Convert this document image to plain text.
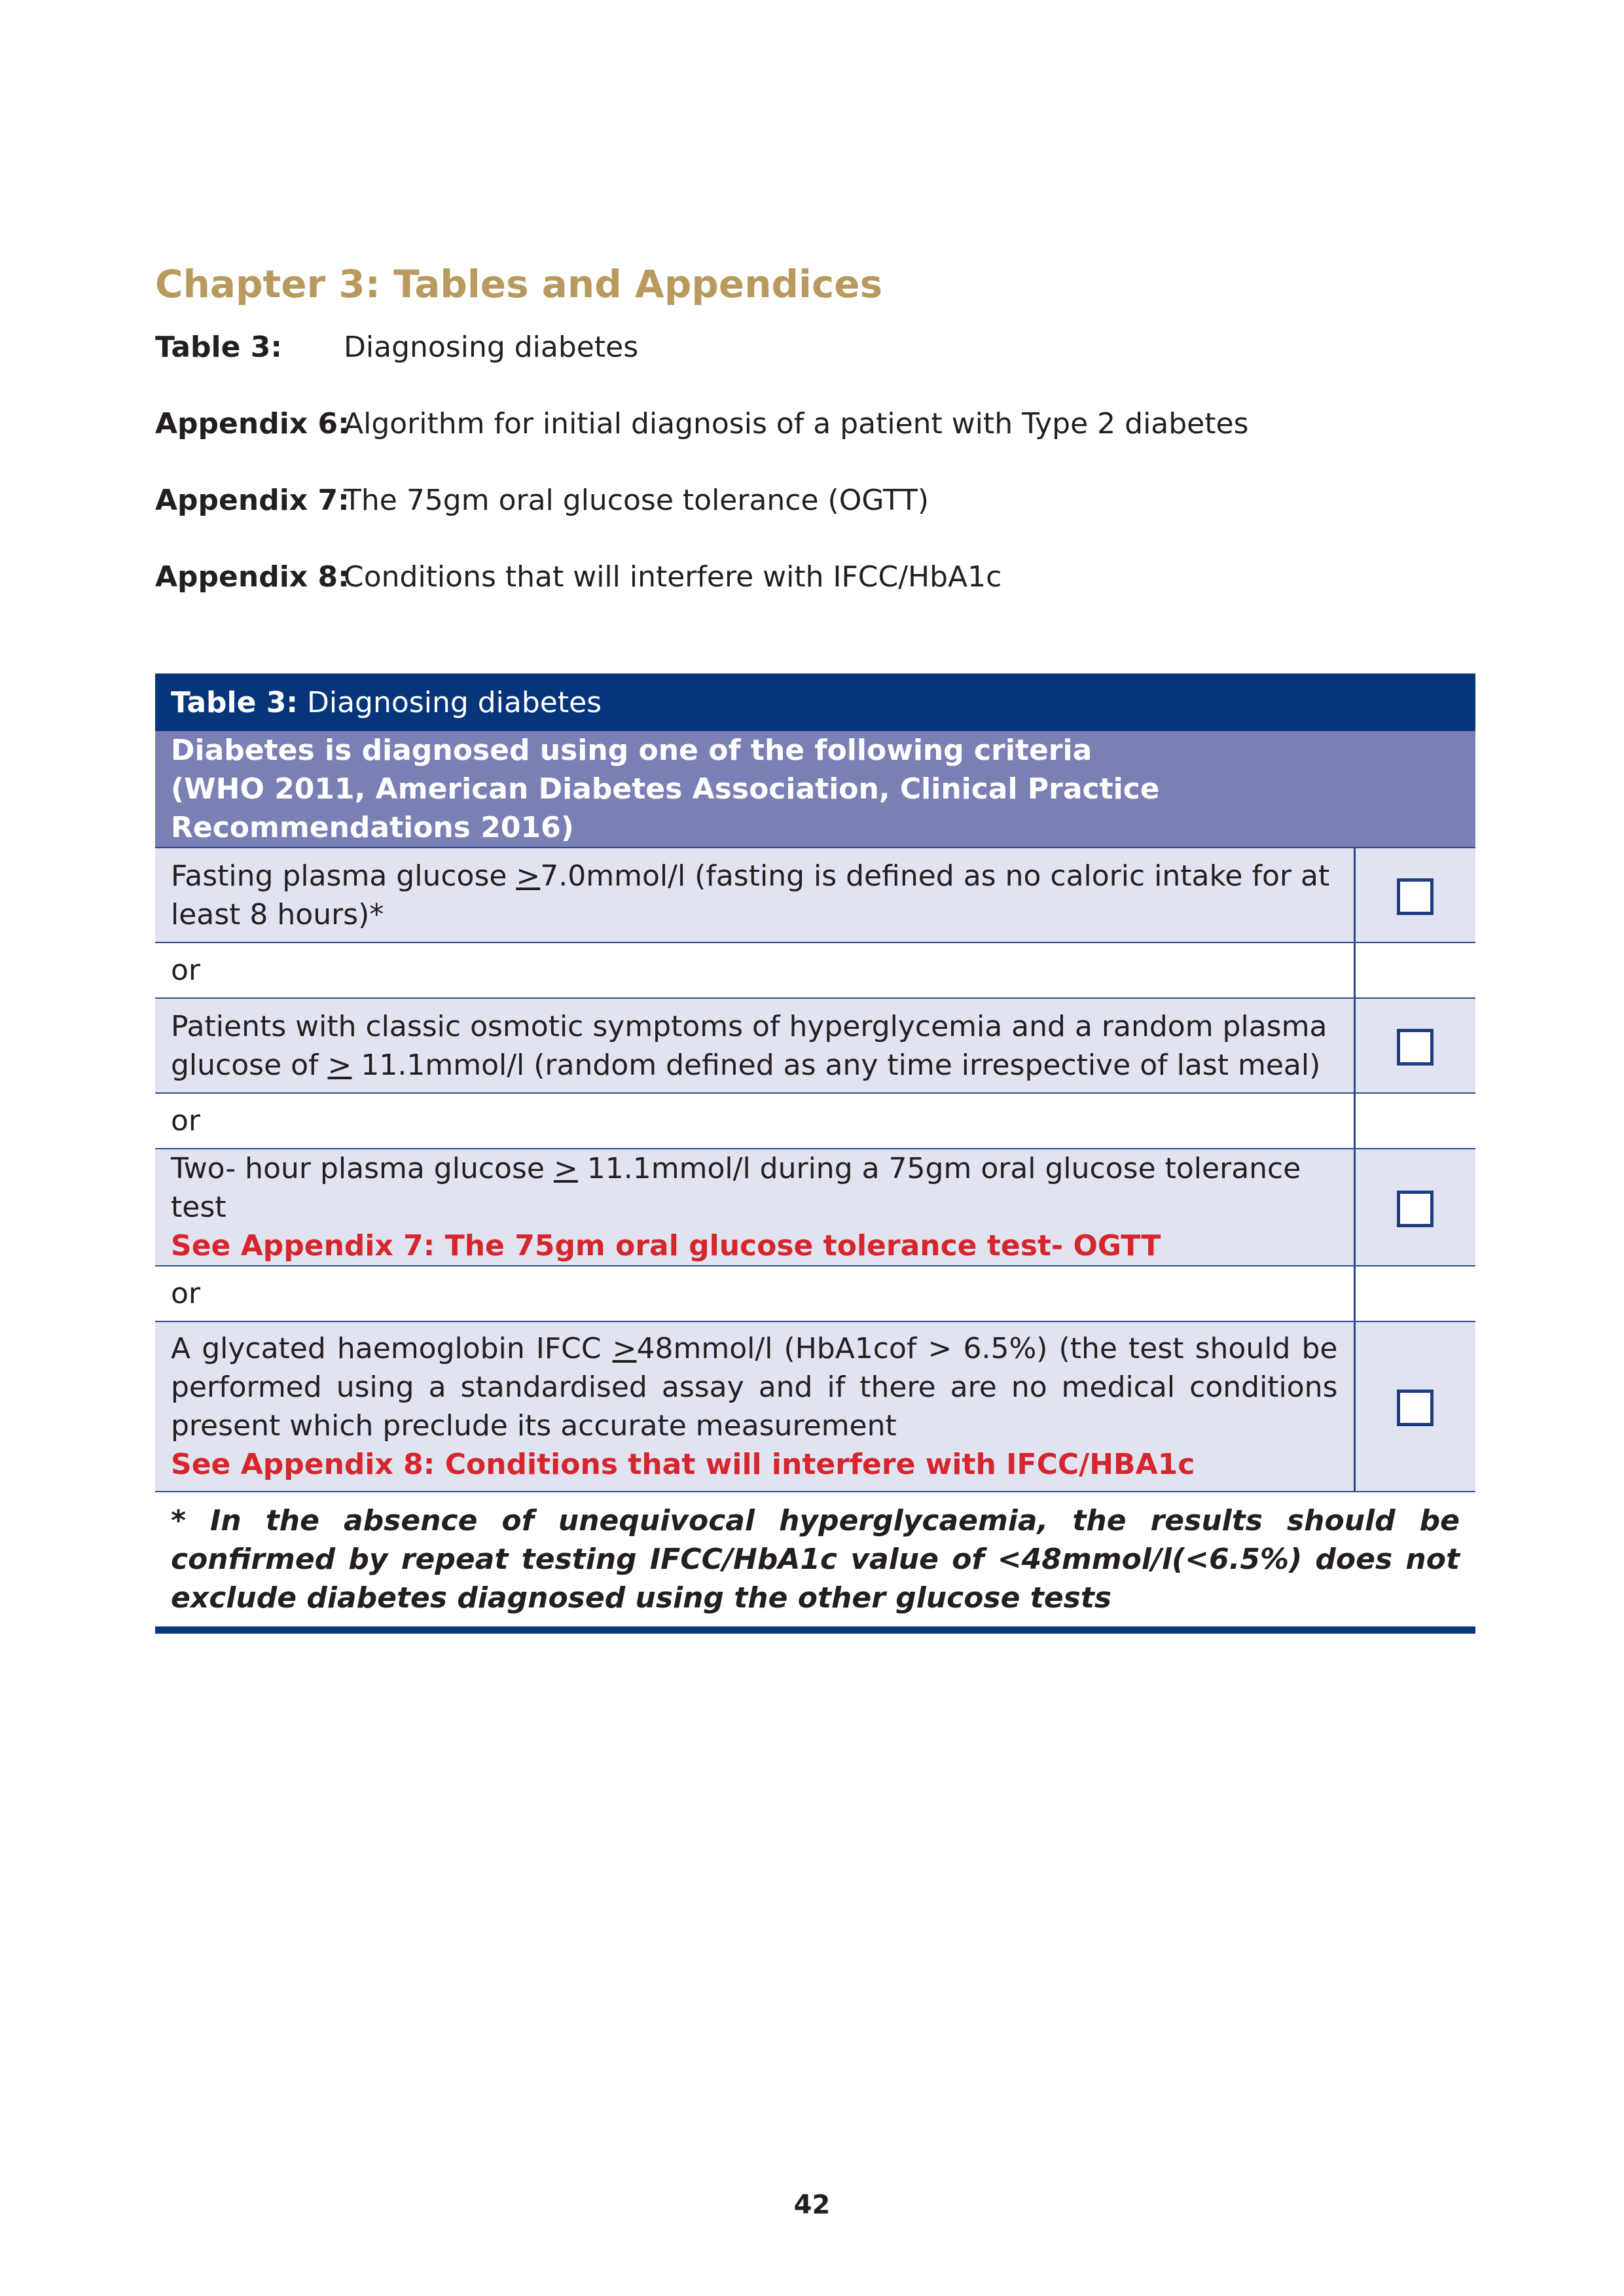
Chapter 3: Tables and Appendices
Table 3: Diagnosing diabetes
Appendix 6:
Algorithm for initial diagnosis of a patient with Type 2 diabetes
Appendix 7:
The 75gm oral glucose tolerance (OGTT)
Appendix 8:
Conditions that will interfere with IFCC/HbA1c
Table 3: Diagnosing diabetes	

Diabetes is diagnosed using one of the following criteria
(WHO 2011, American Diabetes Association, Clinical Practice Recommendations 2016)	

Fasting plasma glucose ≥7.0mmol/l (fasting is defined as no caloric intake for at least 8 hours)*	
or	
Patients with classic osmotic symptoms of hyperglycemia and a random plasma glucose of ≥ 11.1mmol/l (random defined as any time irrespective of last meal)	
or	

Two- hour plasma glucose ≥ 11.1mmol/l during a 75gm oral glucose tolerance test
See Appendix 7: The 75gm oral glucose tolerance test- OGTT	

or	

A glycated haemoglobin IFCC ≥48mmol/l (HbA1cof > 6.5%) (the test should be performed using a standardised assay and if there are no medical conditions present which preclude its accurate measurement
See Appendix 8: Conditions that will interfere with IFCC/HBA1c	

* In the absence of unequivocal hyperglycaemia, the results should be confirmed by repeat testing IFCC/HbA1c value of <48mmol/l(<6.5%) does not exclude diabetes diagnosed using the other glucose tests	
42
